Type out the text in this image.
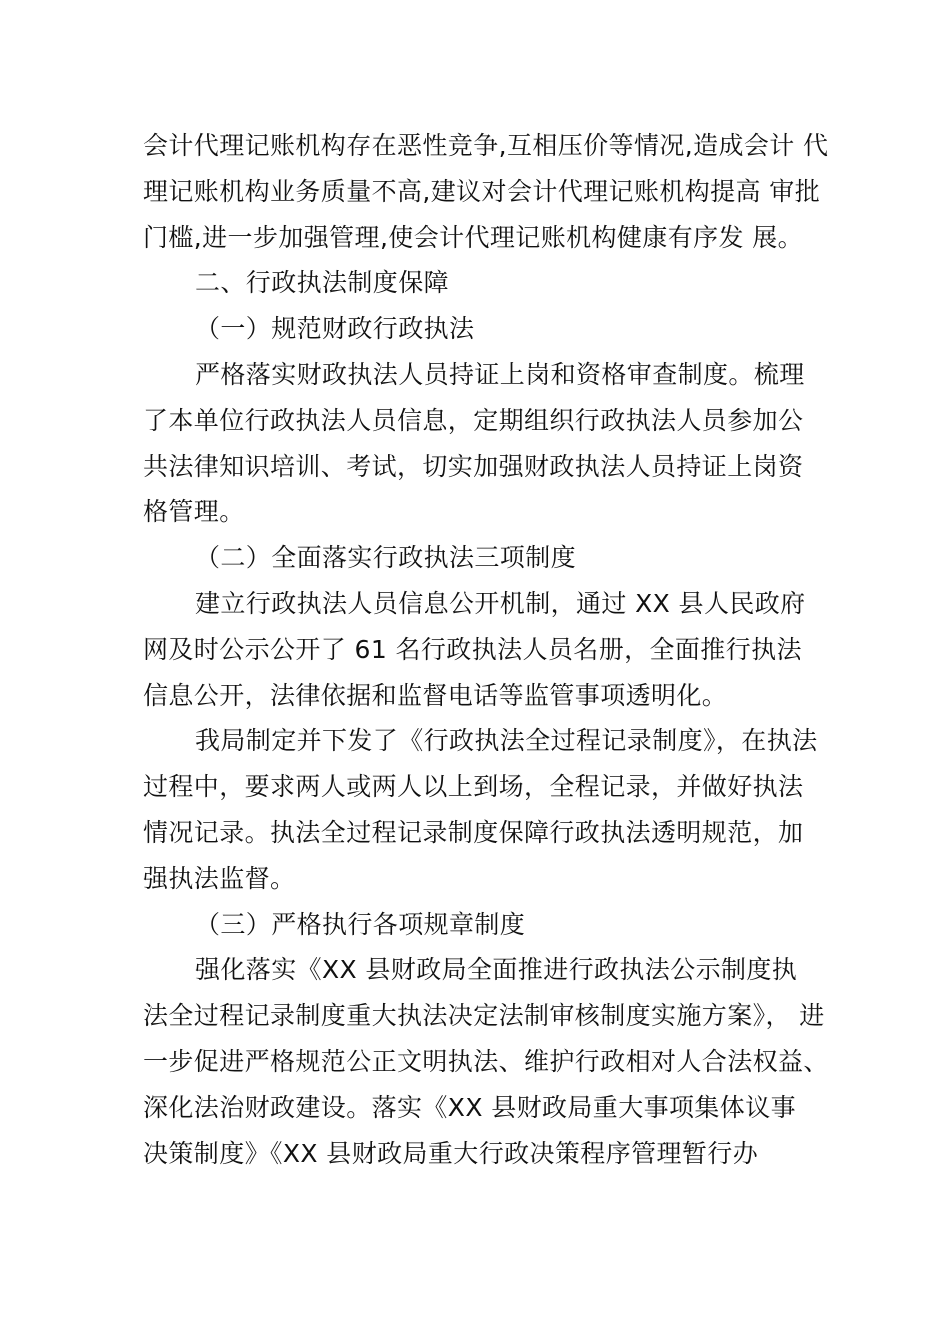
会计代理记账机构存在恶性竞争,互相压价等情况,造成会计 代
理记账机构业务质量不高,建议对会计代理记账机构提高 审批
门槛,进一步加强管理,使会计代理记账机构健康有序发 展。
二、行政执法制度保障
（一）规范财政行政执法
严格落实财政执法人员持证上岗和资格审查制度。梳理
了本单位行政执法人员信息，定期组织行政执法人员参加公
共法律知识培训、考试，切实加强财政执法人员持证上岗资
格管理。
（二）全面落实行政执法三项制度
建立行政执法人员信息公开机制，通过 XX 县人民政府
网及时公示公开了 61 名行政执法人员名册，全面推行执法
信息公开，法律依据和监督电话等监管事项透明化。
我局制定并下发了《行政执法全过程记录制度》，在执法
过程中，要求两人或两人以上到场，全程记录，并做好执法
情况记录。执法全过程记录制度保障行政执法透明规范，加
强执法监督。
（三）严格执行各项规章制度
强化落实《XX 县财政局全面推进行政执法公示制度执
法全过程记录制度重大执法决定法制审核制度实施方案》， 进
一步促进严格规范公正文明执法、维护行政相对人合法权益、
深化法治财政建设。落实《XX 县财政局重大事项集体议事
决策制度》《XX 县财政局重大行政决策程序管理暂行办
